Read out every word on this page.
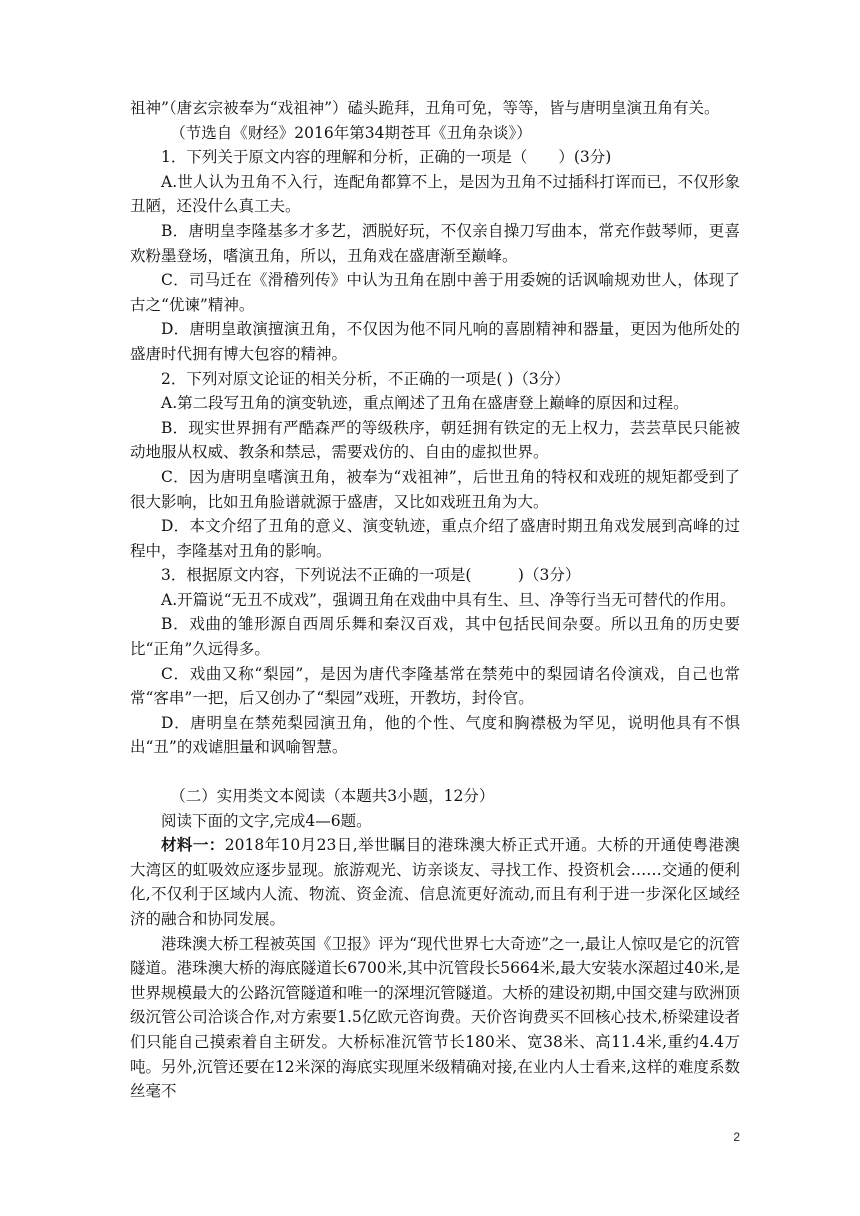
祖神”（唐玄宗被奉为“戏祖神”）磕头跪拜，丑角可免，等等，皆与唐明皇演丑角有关。

（节选自《财经》2016年第34期苍耳《丑角杂谈》）

1．下列关于原文内容的理解和分析，正确的一项是（　　）(3分)

A.世人认为丑角不入行，连配角都算不上，是因为丑角不过插科打诨而已，不仅形象丑陋，还没什么真工夫。

B．唐明皇李隆基多才多艺，洒脱好玩，不仅亲自操刀写曲本，常充作鼓琴师，更喜欢粉墨登场，嗜演丑角，所以，丑角戏在盛唐渐至巅峰。

C．司马迁在《滑稽列传》中认为丑角在剧中善于用委婉的话讽喻规劝世人，体现了古之“优谏”精神。

D．唐明皇敢演擅演丑角，不仅因为他不同凡响的喜剧精神和器量，更因为他所处的盛唐时代拥有博大包容的精神。

2．下列对原文论证的相关分析，不正确的一项是( )（3分）

A.第二段写丑角的演变轨迹，重点阐述了丑角在盛唐登上巅峰的原因和过程。

B．现实世界拥有严酷森严的等级秩序，朝廷拥有铁定的无上权力，芸芸草民只能被动地服从权威、教条和禁忌，需要戏仿的、自由的虚拟世界。

C．因为唐明皇嗜演丑角，被奉为“戏祖神”，后世丑角的特权和戏班的规矩都受到了很大影响，比如丑角脸谱就源于盛唐，又比如戏班丑角为大。

D．本文介绍了丑角的意义、演变轨迹，重点介绍了盛唐时期丑角戏发展到高峰的过程中，李隆基对丑角的影响。

3．根据原文内容，下列说法不正确的一项是(　　　)（3分）

A.开篇说“无丑不成戏”，强调丑角在戏曲中具有生、旦、净等行当无可替代的作用。

B．戏曲的雏形源自西周乐舞和秦汉百戏，其中包括民间杂耍。所以丑角的历史要比“正角”久远得多。

C．戏曲又称“梨园”，是因为唐代李隆基常在禁苑中的梨园请名伶演戏，自己也常常“客串”一把，后又创办了“梨园”戏班，开教坊，封伶官。

D．唐明皇在禁苑梨园演丑角，他的个性、气度和胸襟极为罕见，说明他具有不惧出“丑”的戏谑胆量和讽喻智慧。

（二）实用类文本阅读（本题共3小题，12分）

阅读下面的文字,完成4—6题。

材料一：2018年10月23日,举世瞩目的港珠澳大桥正式开通。大桥的开通使粤港澳大湾区的虹吸效应逐步显现。旅游观光、访亲谈友、寻找工作、投资机会……交通的便利化,不仅利于区域内人流、物流、资金流、信息流更好流动,而且有利于进一步深化区域经济的融合和协同发展。

港珠澳大桥工程被英国《卫报》评为“现代世界七大奇迹”之一,最让人惊叹是它的沉管隧道。港珠澳大桥的海底隧道长6700米,其中沉管段长5664米,最大安装水深超过40米,是世界规模最大的公路沉管隧道和唯一的深埋沉管隧道。大桥的建设初期,中国交建与欧洲顶级沉管公司洽谈合作,对方索要1.5亿欧元咨询费。天价咨询费买不回核心技术,桥梁建设者们只能自己摸索着自主研发。大桥标准沉管节长180米、宽38米、高11.4米,重约4.4万吨。另外,沉管还要在12米深的海底实现厘米级精确对接,在业内人士看来,这样的难度系数丝毫不

2
